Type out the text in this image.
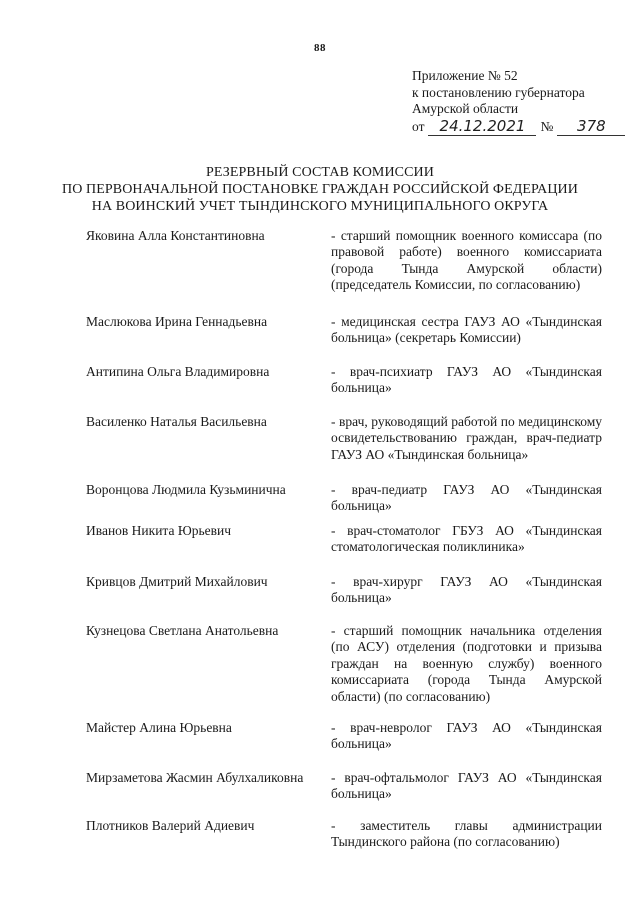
88
Приложение № 52
к постановлению губернатора
Амурской области
от	24.12.2021	№	378
РЕЗЕРВНЫЙ СОСТАВ КОМИССИИ
ПО ПЕРВОНАЧАЛЬНОЙ ПОСТАНОВКЕ ГРАЖДАН РОССИЙСКОЙ ФЕДЕРАЦИИ
НА ВОИНСКИЙ УЧЕТ ТЫНДИНСКОГО МУНИЦИПАЛЬНОГО ОКРУГА
Яковина Алла Константиновна	- старший помощник военного комиссара (по правовой работе) военного комиссариата (города Тында Амурской области) (председатель Комиссии, по согласованию)
Маслюкова Ирина Геннадьевна	- медицинская сестра ГАУЗ АО «Тындинская больница» (секретарь Комиссии)
Антипина Ольга Владимировна	- врач-психиатр ГАУЗ АО «Тындинская больница»
Василенко Наталья Васильевна	- врач, руководящий работой по медицинскому освидетельствованию граждан, врач-педиатр ГАУЗ АО «Тындинская больница»
Воронцова Людмила Кузьминична	- врач-педиатр ГАУЗ АО «Тындинская больница»
Иванов Никита Юрьевич	- врач-стоматолог ГБУЗ АО «Тындинская стоматологическая поликлиника»
Кривцов Дмитрий Михайлович	- врач-хирург ГАУЗ АО «Тындинская больница»
Кузнецова Светлана Анатольевна	- старший помощник начальника отделения (по АСУ) отделения (подготовки и призыва граждан на военную службу) военного комиссариата (города Тында Амурской области) (по согласованию)
Майстер Алина Юрьевна	- врач-невролог ГАУЗ АО «Тындинская больница»
Мирзаметова Жасмин Абулхаликовна	- врач-офтальмолог ГАУЗ АО «Тындинская больница»
Плотников Валерий Адиевич	- заместитель главы администрации Тындинского района (по согласованию)
